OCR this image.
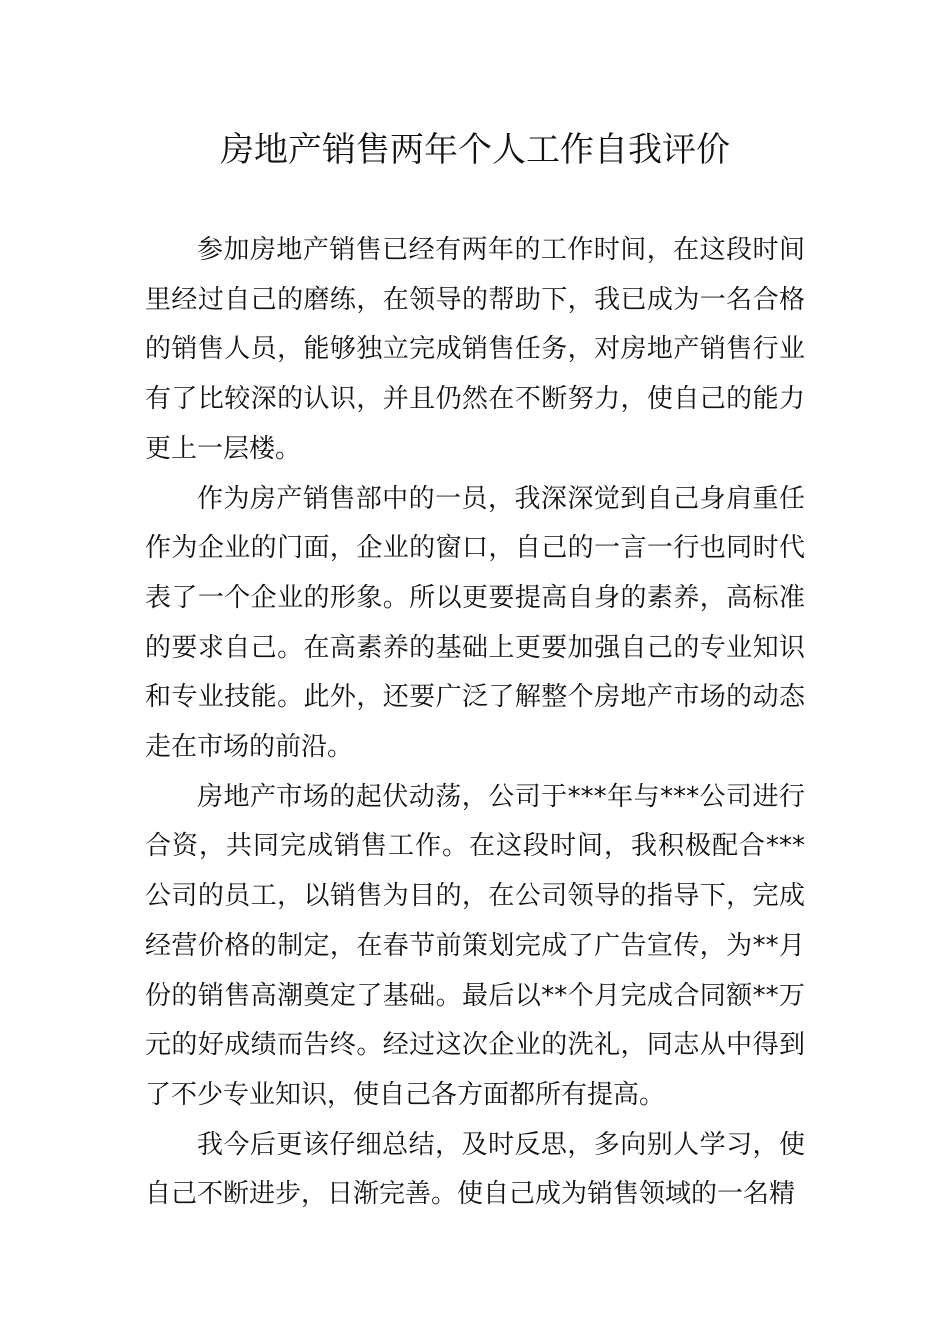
房地产销售两年个人工作自我评价

参加房地产销售已经有两年的工作时间，在这段时间里经过自己的磨练，在领导的帮助下，我已成为一名合格的销售人员，能够独立完成销售任务，对房地产销售行业有了比较深的认识，并且仍然在不断努力，使自己的能力更上一层楼。

作为房产销售部中的一员，我深深觉到自己身肩重任作为企业的门面，企业的窗口，自己的一言一行也同时代表了一个企业的形象。所以更要提高自身的素养，高标准的要求自己。在高素养的基础上更要加强自己的专业知识和专业技能。此外，还要广泛了解整个房地产市场的动态走在市场的前沿。

房地产市场的起伏动荡，公司于***年与***公司进行合资，共同完成销售工作。在这段时间，我积极配合***公司的员工，以销售为目的，在公司领导的指导下，完成经营价格的制定，在春节前策划完成了广告宣传，为**月份的销售高潮奠定了基础。最后以**个月完成合同额**万元的好成绩而告终。经过这次企业的洗礼，同志从中得到了不少专业知识，使自己各方面都所有提高。

我今后更该仔细总结，及时反思，多向别人学习，使自己不断进步，日渐完善。使自己成为销售领域的一名精
